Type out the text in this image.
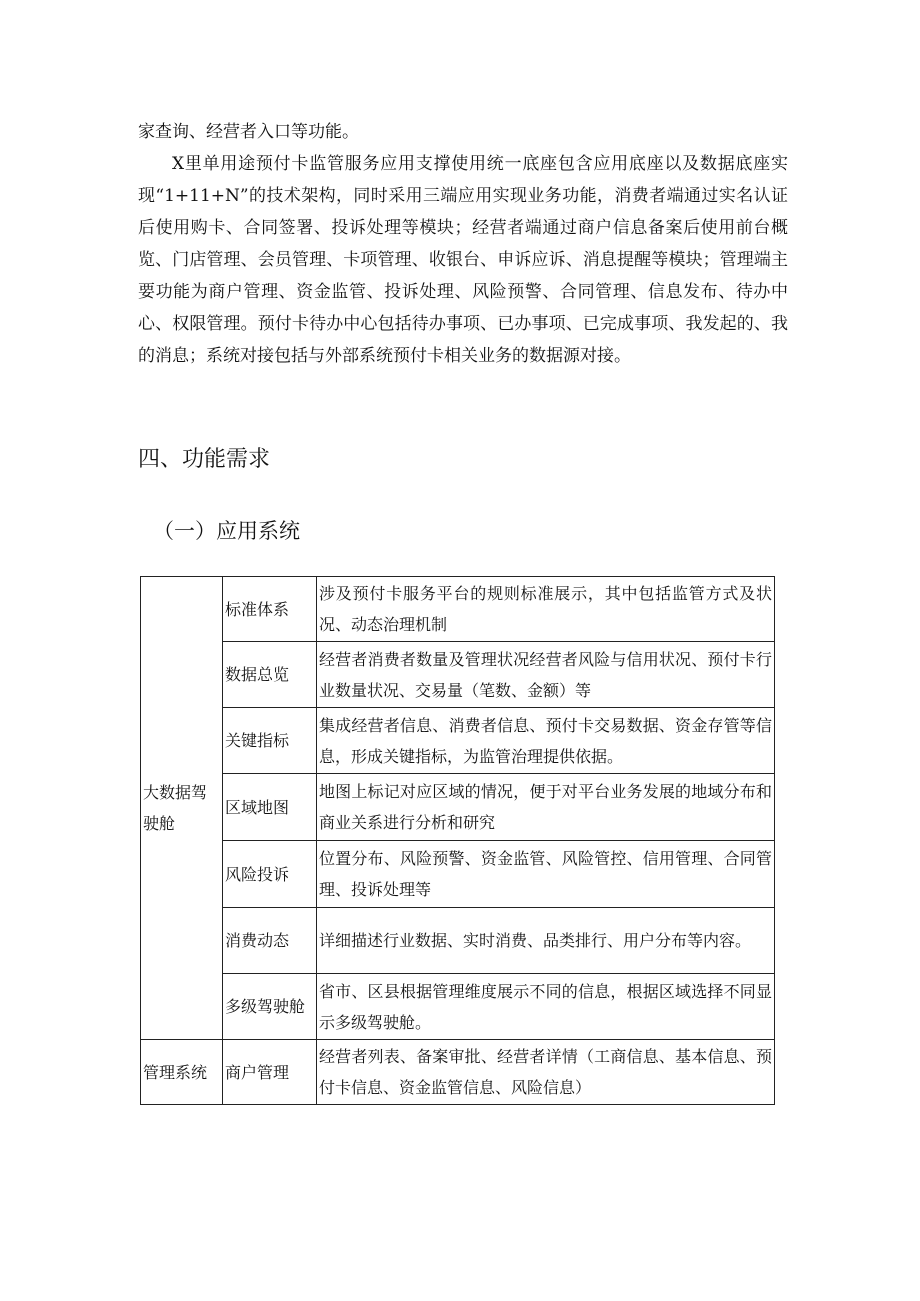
家查询、经营者入口等功能。

X里单用途预付卡监管服务应用支撑使用统一底座包含应用底座以及数据底座实现“1+11+N”的技术架构，同时采用三端应用实现业务功能，消费者端通过实名认证后使用购卡、合同签署、投诉处理等模块；经营者端通过商户信息备案后使用前台概览、门店管理、会员管理、卡项管理、收银台、申诉应诉、消息提醒等模块；管理端主要功能为商户管理、资金监管、投诉处理、风险预警、合同管理、信息发布、待办中心、权限管理。预付卡待办中心包括待办事项、已办事项、已完成事项、我发起的、我的消息；系统对接包括与外部系统预付卡相关业务的数据源对接。

四、功能需求
（一）应用系统
大数据驾驶舱	标准体系	涉及预付卡服务平台的规则标准展示，其中包括监管方式及状况、动态治理机制
	数据总览	经营者消费者数量及管理状况经营者风险与信用状况、预付卡行业数量状况、交易量（笔数、金额）等
	关键指标	集成经营者信息、消费者信息、预付卡交易数据、资金存管等信息，形成关键指标，为监管治理提供依据。
	区域地图	地图上标记对应区域的情况，便于对平台业务发展的地域分布和商业关系进行分析和研究
	风险投诉	位置分布、风险预警、资金监管、风险管控、信用管理、合同管理、投诉处理等
	消费动态	详细描述行业数据、实时消费、品类排行、用户分布等内容。
	多级驾驶舱	省市、区县根据管理维度展示不同的信息，根据区域选择不同显示多级驾驶舱。
管理系统	商户管理	经营者列表、备案审批、经营者详情（工商信息、基本信息、预付卡信息、资金监管信息、风险信息）
